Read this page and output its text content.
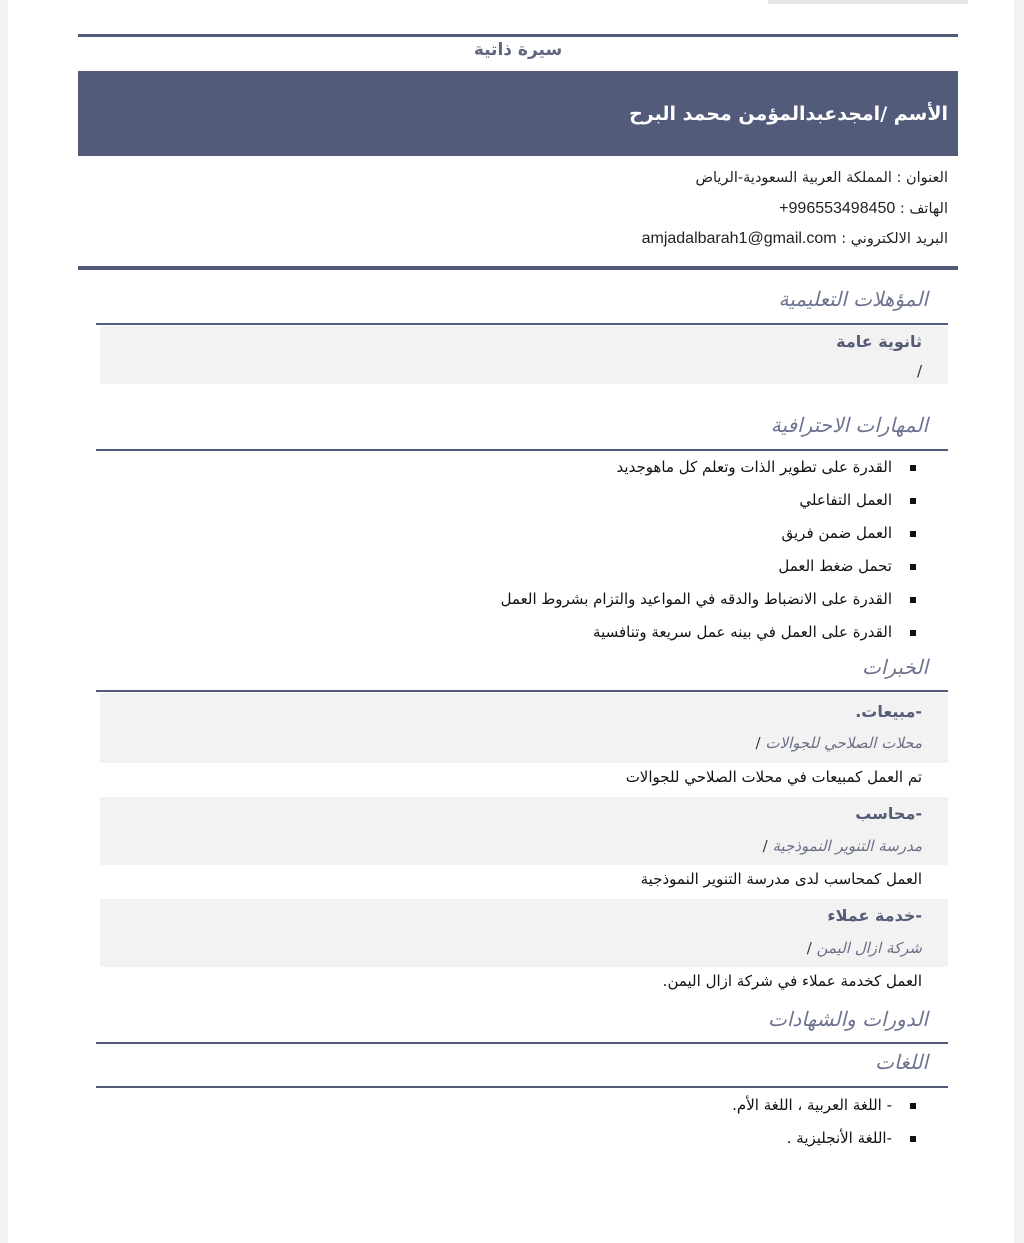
سيرة ذاتية
الأسم /امجدعبدالمؤمن محمد البرح
العنوان : المملكة العربية السعودية-الرياض
الهاتف : +996553498450
البريد الالكتروني : amjadalbarah1@gmail.com
المؤهلات التعليمية
ثانوية عامة
/
المهارات الاحترافية
القدرة على تطوير الذات وتعلم كل ماهوجديد
العمل التفاعلي
العمل ضمن فريق
تحمل ضغط العمل
القدرة على الانضباط والدقه في المواعيد والتزام بشروط العمل
القدرة على العمل في بينه عمل سريعة وتنافسية
الخبرات
-مبيعات.
محلات الصلاحي للجوالات /
تم العمل كمبيعات في محلات الصلاحي للجوالات
-محاسب
مدرسة التنوير النموذجية /
العمل كمحاسب لدى مدرسة التنوير النموذجية
-خدمة عملاء
شركة ازال اليمن /
العمل كخدمة عملاء في شركة ازال اليمن.
الدورات والشهادات
اللغات
- اللغة العربية ، اللغة الأم.
-اللغة الأنجليزية .
